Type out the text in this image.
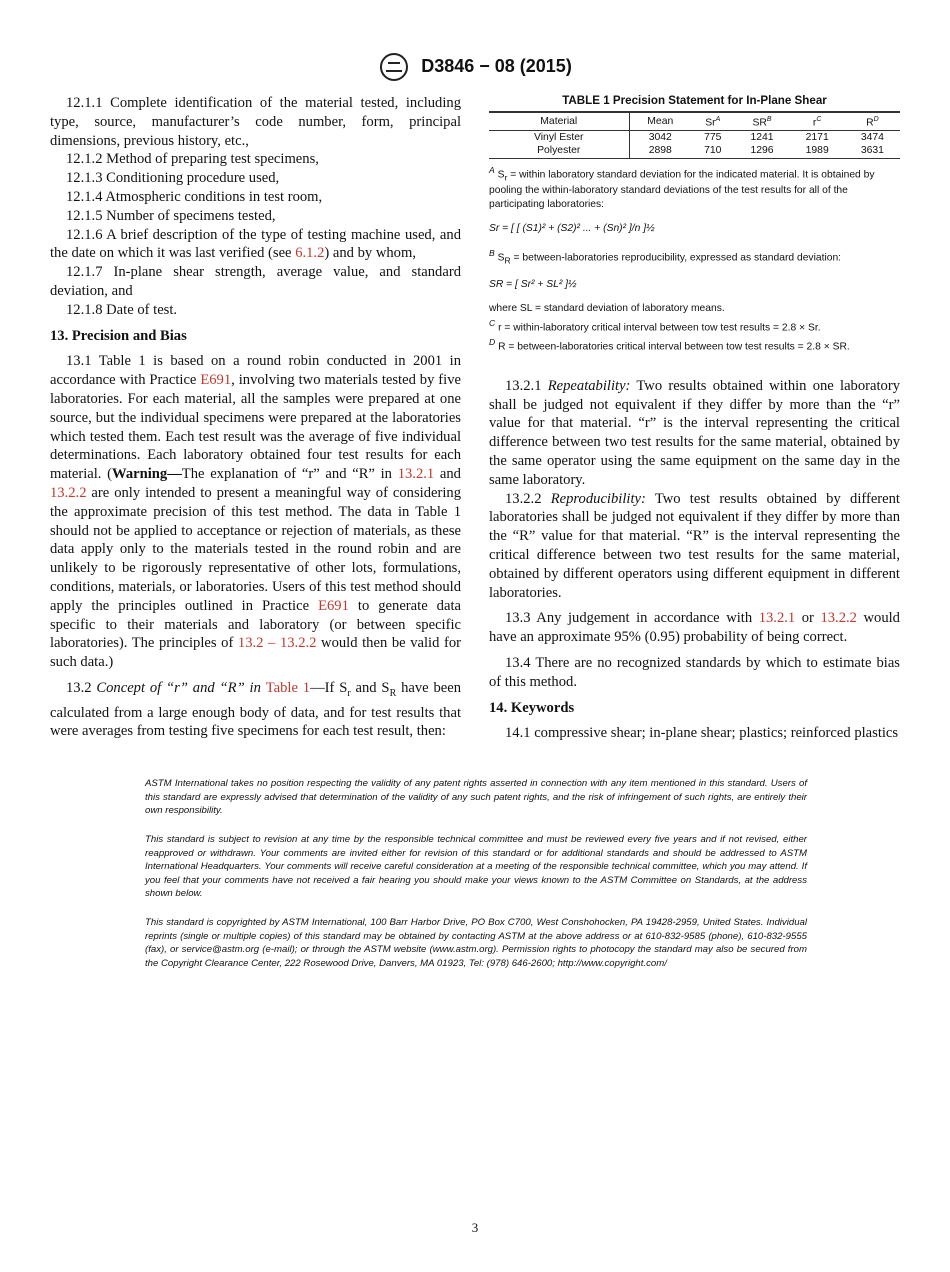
D3846 − 08 (2015)

12.1.1 Complete identification of the material tested, including type, source, manufacturer’s code number, form, principal dimensions, previous history, etc.,

12.1.2 Method of preparing test specimens,

12.1.3 Conditioning procedure used,

12.1.4 Atmospheric conditions in test room,

12.1.5 Number of specimens tested,

12.1.6 A brief description of the type of testing machine used, and the date on which it was last verified (see 6.1.2) and by whom,

12.1.7 In-plane shear strength, average value, and standard deviation, and

12.1.8 Date of test.

13. Precision and Bias

13.1 Table 1 is based on a round robin conducted in 2001 in accordance with Practice E691, involving two materials tested by five laboratories. For each material, all the samples were prepared at one source, but the individual specimens were prepared at the laboratories which tested them. Each test result was the average of five individual determinations. Each laboratory obtained four test results for each material. (Warning—The explanation of “r” and “R” in 13.2.1 and 13.2.2 are only intended to present a meaningful way of considering the approximate precision of this test method. The data in Table 1 should not be applied to acceptance or rejection of materials, as these data apply only to the materials tested in the round robin and are unlikely to be rigorously representative of other lots, formulations, conditions, materials, or laboratories. Users of this test method should apply the principles outlined in Practice E691 to generate data specific to their materials and laboratory (or between specific laboratories). The principles of 13.2 – 13.2.2 would then be valid for such data.)

13.2 Concept of “r” and “R” in Table 1—If $S_r$ and $S_R$ have been calculated from a large enough body of data, and for test results that were averages from testing five specimens for each test result, then:

TABLE 1 Precision Statement for In-Plane Shear
Material	Mean	$Sr^A$	$SR^B$	$r^C$	$R^D$
Vinyl Ester	3042	775	1241	2171	3474
Polyester	2898	710	1296	1989	3631

$^A$ $S_r$ = within laboratory standard deviation for the indicated material. It is obtained by pooling the within-laboratory standard deviations of the test results for all of the participating laboratories:

Sr = [ [ (S1)² + (S2)² ... + (Sn)² ]/n ]½

$^B$ $S_R$ = between-laboratories reproducibility, expressed as standard deviation:

SR = [ Sr² + SL² ]½

where SL = standard deviation of laboratory means.

$^C$ r = within-laboratory critical interval between tow test results = 2.8 × Sr.

$^D$ R = between-laboratories critical interval between tow test results = 2.8 × SR.

13.2.1 Repeatability: Two results obtained within one laboratory shall be judged not equivalent if they differ by more than the “r” value for that material. “r” is the interval representing the critical difference between two test results for the same material, obtained by the same operator using the same equipment on the same day in the same laboratory.

13.2.2 Reproducibility: Two test results obtained by different laboratories shall be judged not equivalent if they differ by more than the “R” value for that material. “R” is the interval representing the critical difference between two test results for the same material, obtained by different operators using different equipment in different laboratories.

13.3 Any judgement in accordance with 13.2.1 or 13.2.2 would have an approximate 95% (0.95) probability of being correct.

13.4 There are no recognized standards by which to estimate bias of this method.

14. Keywords

14.1 compressive shear; in-plane shear; plastics; reinforced plastics

ASTM International takes no position respecting the validity of any patent rights asserted in connection with any item mentioned in this standard. Users of this standard are expressly advised that determination of the validity of any such patent rights, and the risk of infringement of such rights, are entirely their own responsibility.
This standard is subject to revision at any time by the responsible technical committee and must be reviewed every five years and if not revised, either reapproved or withdrawn. Your comments are invited either for revision of this standard or for additional standards and should be addressed to ASTM International Headquarters. Your comments will receive careful consideration at a meeting of the responsible technical committee, which you may attend. If you feel that your comments have not received a fair hearing you should make your views known to the ASTM Committee on Standards, at the address shown below.
This standard is copyrighted by ASTM International, 100 Barr Harbor Drive, PO Box C700, West Conshohocken, PA 19428-2959, United States. Individual reprints (single or multiple copies) of this standard may be obtained by contacting ASTM at the above address or at 610-832-9585 (phone), 610-832-9555 (fax), or service@astm.org (e-mail); or through the ASTM website (www.astm.org). Permission rights to photocopy the standard may also be secured from the Copyright Clearance Center, 222 Rosewood Drive, Danvers, MA 01923, Tel: (978) 646-2600; http://www.copyright.com/
3
